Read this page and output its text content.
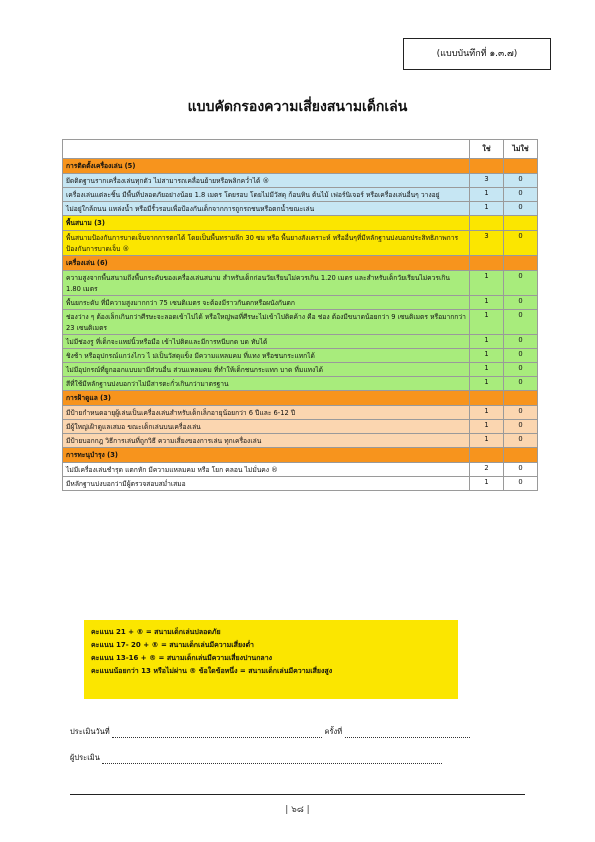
(แบบบันทึกที่ ๑.๓.๗)
แบบคัดกรองความเสี่ยงสนามเด็กเล่น
	ใช่	ไม่ใช่
การติดตั้งเครื่องเล่น (5)		
ยึดติดฐานรากเครื่องเล่นทุกตัว ไม่สามารถเคลื่อนย้ายหรือพลิกคว่ำได้ ®	3	0
เครื่องเล่นแต่ละชิ้น มีพื้นที่ปลอดภัยอย่างน้อย 1.8 เมตร โดยรอบ โดยไม่มีวัสดุ ก้อนหิน ต้นไม้ เฟอร์นิเจอร์ หรือเครื่องเล่นอื่นๆ วางอยู่	1	0
ไม่อยู่ใกล้ถนน แหล่งน้ำ หรือมีรั้วรอบเพื่อป้องกันเด็กจากการถูกรถชนหรือตกน้ำขณะเล่น	1	0
พื้นสนาม (3)		
พื้นสนามป้องกันการบาดเจ็บจากการตกได้ โดยเป็นพื้นทรายลึก 30 ซม หรือ พื้นยางสังเคราะห์ หรืออื่นๆที่มีหลักฐานบ่งบอกประสิทธิภาพการป้องกันการบาดเจ็บ ®	3	0
เครื่องเล่น (6)		
ความสูงจากพื้นสนามถึงพื้นกระดับของเครื่องเล่นสนาม สำหรับเด็กก่อนวัยเรียนไม่ควรเกิน 1.20 เมตร และสำหรับเด็กวัยเรียนไม่ควรเกิน 1.80 เมตร	1	0
พื้นยกระดับ ที่มีความสูงมากกว่า 75 เซนติเมตร จะต้องมีราวกันตกหรือผนังกันตก	1	0
ช่องว่าง ๆ ต้องเล็กเกินกว่าศีรษะจะลอดเข้าไปได้ หรือใหญ่พอที่ศีรษะไม่เข้าไปติดค้าง คือ ช่อง ต้องมีขนาดน้อยกว่า 9 เซนติเมตร หรือมากกว่า 23 เซนติเมตร	1	0
ไม่มีช่องรู ที่เด็กจะแหย่นิ้วหรือมือ เข้าไปติดและมีการหนีบกด บด ทับได้	1	0
ชิงช้า หรืออุปกรณ์แกว่งไกว ไ ม่เป็นวัสดุแข็ง มีความแหลมคม ที่แทง หรือชนกระแทกได้	1	0
ไม่มีอุปกรณ์ที่ยูกออกแบบมามีส่วนอื่น ส่วนแหลมคม ที่ทำให้เด็กชนกระแทก บาด ที่มแทงได้	1	0
สีที่ใช้มีหลักฐานบ่งบอกว่าไม่มีสารตะกั่วเกินกว่ามาตรฐาน	1	0
การฝ้าดูแล (3)		
มีป้ายกำหนดอายุผู้เล่นเป็นเครื่องเล่นสำหรับเด็กเล็กอายุน้อยกว่า 6 ปีและ 6-12 ปี	1	0
มีผู้ใหญ่เฝ้าดูแลเสมอ ขณะเด็กเล่นบนเครื่องเล่น	1	0
มีป้ายบอกกฎ วิธีการเล่นที่ถูกวิธี ความเสี่ยงของการเล่น ทุกเครื่องเล่น	1	0
การทะนุบำรุง (3)		
ไม่มีเครื่องเล่นชำรุด แตกหัก มีความแหลมคม หรือ โยก คลอน ไม่มั่นคง ®	2	0
มีหลักฐานบ่งบอกว่ามีผู้ตรวจสอบสม่ำเสมอ	1	0
คะแนน 21 + ® = สนามเด็กเล่นปลอดภัย
คะแนน 17- 20 + ® = สนามเด็กเล่นมีความเสี่ยงต่ำ
คะแนน 13-16 + ® = สนามเด็กเล่นมีความเสี่ยงปานกลาง
คะแนนน้อยกว่า 13 หรือไม่ผ่าน ® ข้อใดข้อหนึ่ง = สนามเด็กเล่นมีความเสี่ยงสูง
ประเมินวันที่	ครั้งที่
ผู้ประเมิน
| ๖๘ |
